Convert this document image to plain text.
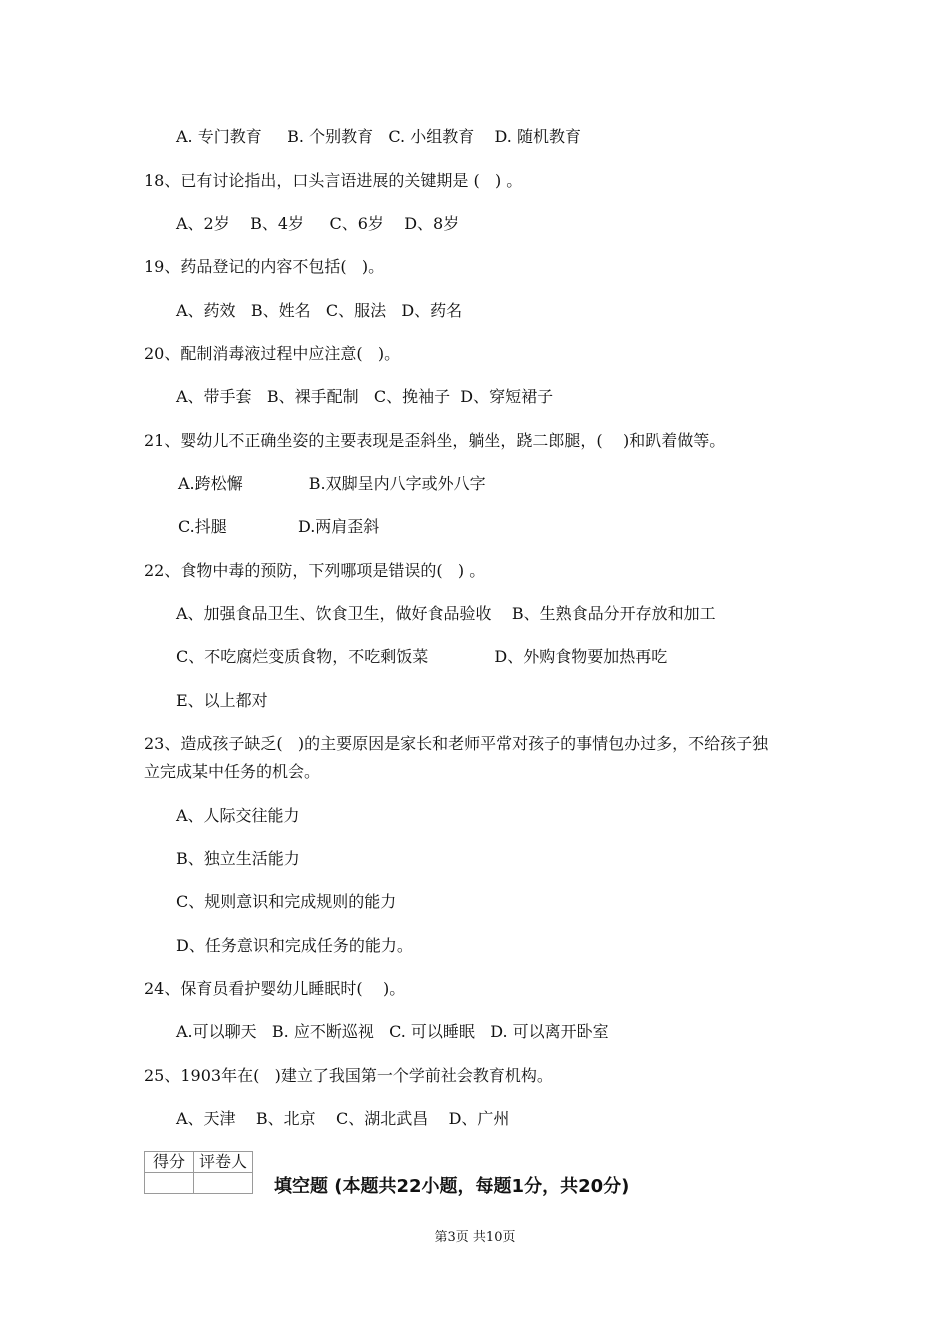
A. 专门教育     B. 个别教育   C. 小组教育    D. 随机教育
18、已有讨论指出，口头言语进展的关键期是 (   ) 。
A、2岁    B、4岁     C、6岁    D、8岁
19、药品登记的内容不包括(   )。
A、药效   B、姓名   C、服法   D、药名
20、配制消毒液过程中应注意(   )。
A、带手套   B、裸手配制   C、挽袖子  D、穿短裙子
21、婴幼儿不正确坐姿的主要表现是歪斜坐，躺坐，跷二郎腿，(    )和趴着做等。
A.跨松懈             B.双脚呈内八字或外八字
C.抖腿              D.两肩歪斜
22、食物中毒的预防，下列哪项是错误的(   ) 。
A、加强食品卫生、饮食卫生，做好食品验收    B、生熟食品分开存放和加工
C、不吃腐烂变质食物，不吃剩饭菜             D、外购食物要加热再吃
E、以上都对
23、造成孩子缺乏(   )的主要原因是家长和老师平常对孩子的事情包办过多，不给孩子独
立完成某中任务的机会。
A、人际交往能力
B、独立生活能力
C、规则意识和完成规则的能力
D、任务意识和完成任务的能力。
24、保育员看护婴幼儿睡眠时(    )。
A.可以聊天   B. 应不断巡视   C. 可以睡眠   D. 可以离开卧室
25、1903年在(   )建立了我国第一个学前社会教育机构。
A、天津    B、北京    C、湖北武昌    D、广州
得分	评卷人

填空题 (本题共22小题，每题1分，共20分)
第3页 共10页
